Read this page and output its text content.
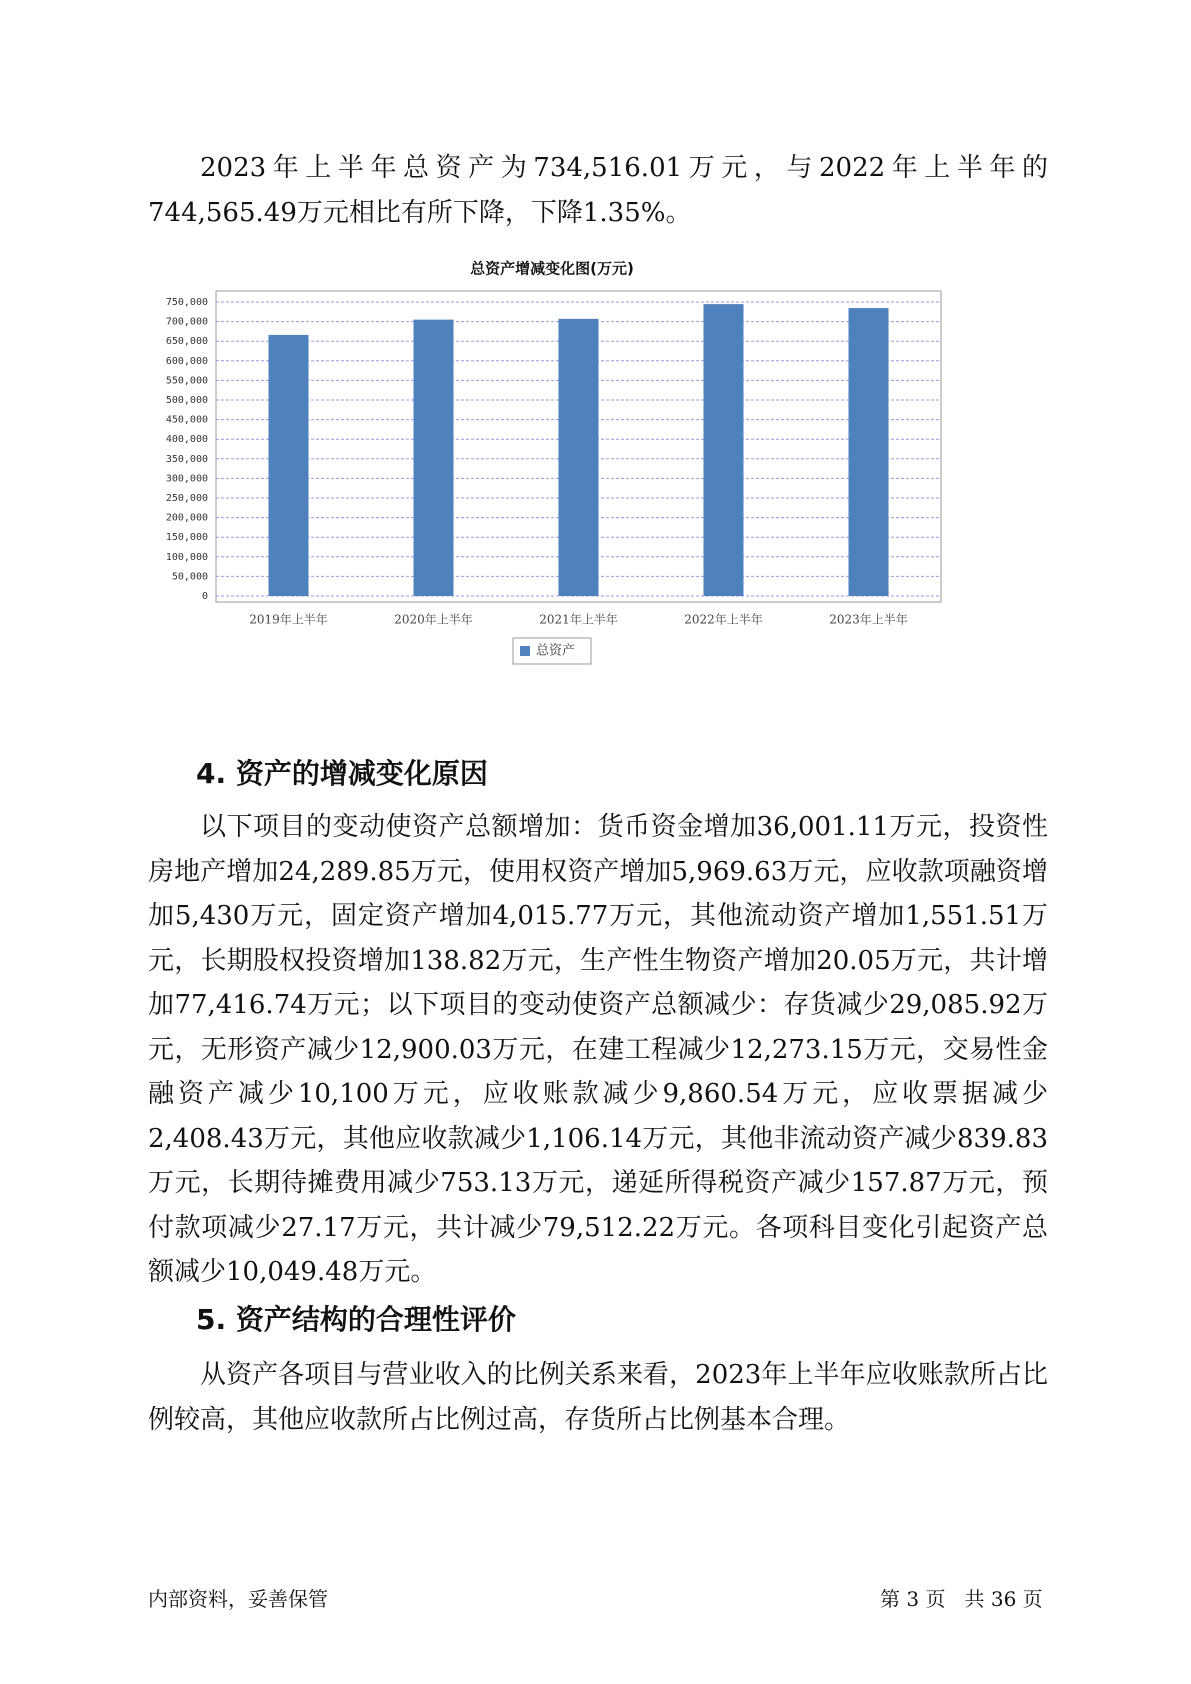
2023年上半年总资产为734,516.01万元，与2022年上半年的744,565.49万元相比有所下降，下降1.35%。

总资产增减变化图(万元)
0
50,000
100,000
150,000
200,000
250,000
300,000
350,000
400,000
450,000
500,000
550,000
600,000
650,000
700,000
750,000
2019年上半年	2020年上半年	2021年上半年	2022年上半年	2023年上半年
总资产
4. 资产的增减变化原因

以下项目的变动使资产总额增加：货币资金增加36,001.11万元，投资性房地产增加24,289.85万元，使用权资产增加5,969.63万元，应收款项融资增加5,430万元，固定资产增加4,015.77万元，其他流动资产增加1,551.51万元，长期股权投资增加138.82万元，生产性生物资产增加20.05万元，共计增加77,416.74万元；以下项目的变动使资产总额减少：存货减少29,085.92万元，无形资产减少12,900.03万元，在建工程减少12,273.15万元，交易性金融资产减少10,100万元，应收账款减少9,860.54万元，应收票据减少2,408.43万元，其他应收款减少1,106.14万元，其他非流动资产减少839.83万元，长期待摊费用减少753.13万元，递延所得税资产减少157.87万元，预付款项减少27.17万元，共计减少79,512.22万元。各项科目变化引起资产总额减少10,049.48万元。

5. 资产结构的合理性评价

从资产各项目与营业收入的比例关系来看，2023年上半年应收账款所占比例较高，其他应收款所占比例过高，存货所占比例基本合理。

内部资料，妥善保管	第 3 页   共 36 页
